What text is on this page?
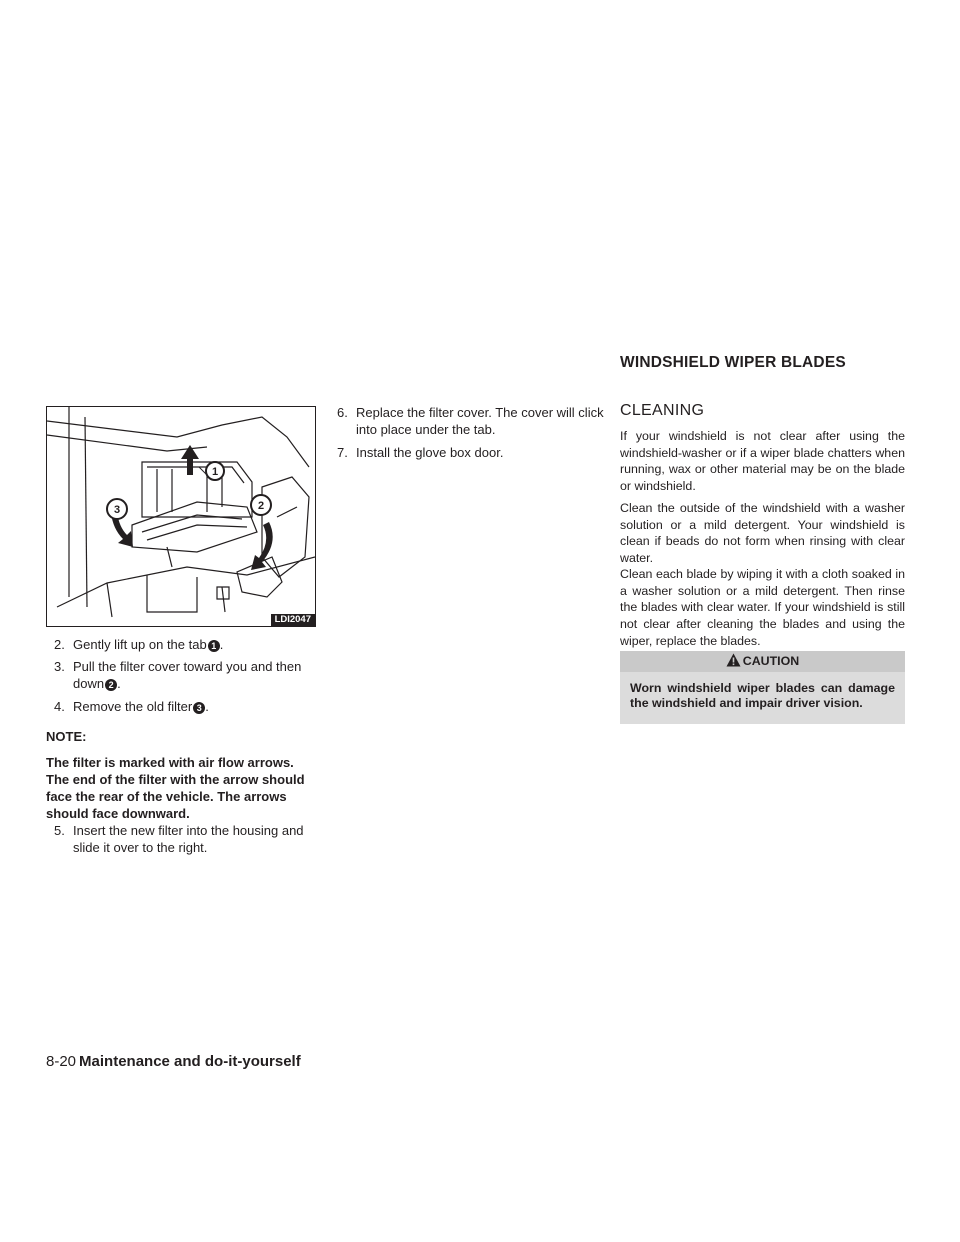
WINDSHIELD WIPER BLADES
1
2
3
LDI2047
2. Gently lift up on the tab 1 .
3. Pull the filter cover toward you and then
down 2 .
4. Remove the old filter 3 .
NOTE:
The filter is marked with air flow arrows. The end of the filter with the arrow should face the rear of the vehicle. The arrows should face downward.
5. Insert the new filter into the housing and
slide it over to the right.
6. Replace the filter cover. The cover will click
into place under the tab.
7. Install the glove box door.
CLEANING
If your windshield is not clear after using the windshield-washer or if a wiper blade chatters when running, wax or other material may be on the blade or windshield.
Clean the outside of the windshield with a washer solution or a mild detergent. Your windshield is clean if beads do not form when rinsing with clear water.
Clean each blade by wiping it with a cloth soaked in a washer solution or a mild detergent. Then rinse the blades with clear water. If your windshield is still not clear after cleaning the blades and using the wiper, replace the blades.
CAUTION
Worn windshield wiper blades can damage the windshield and impair driver vision.
8-20 Maintenance and do-it-yourself
